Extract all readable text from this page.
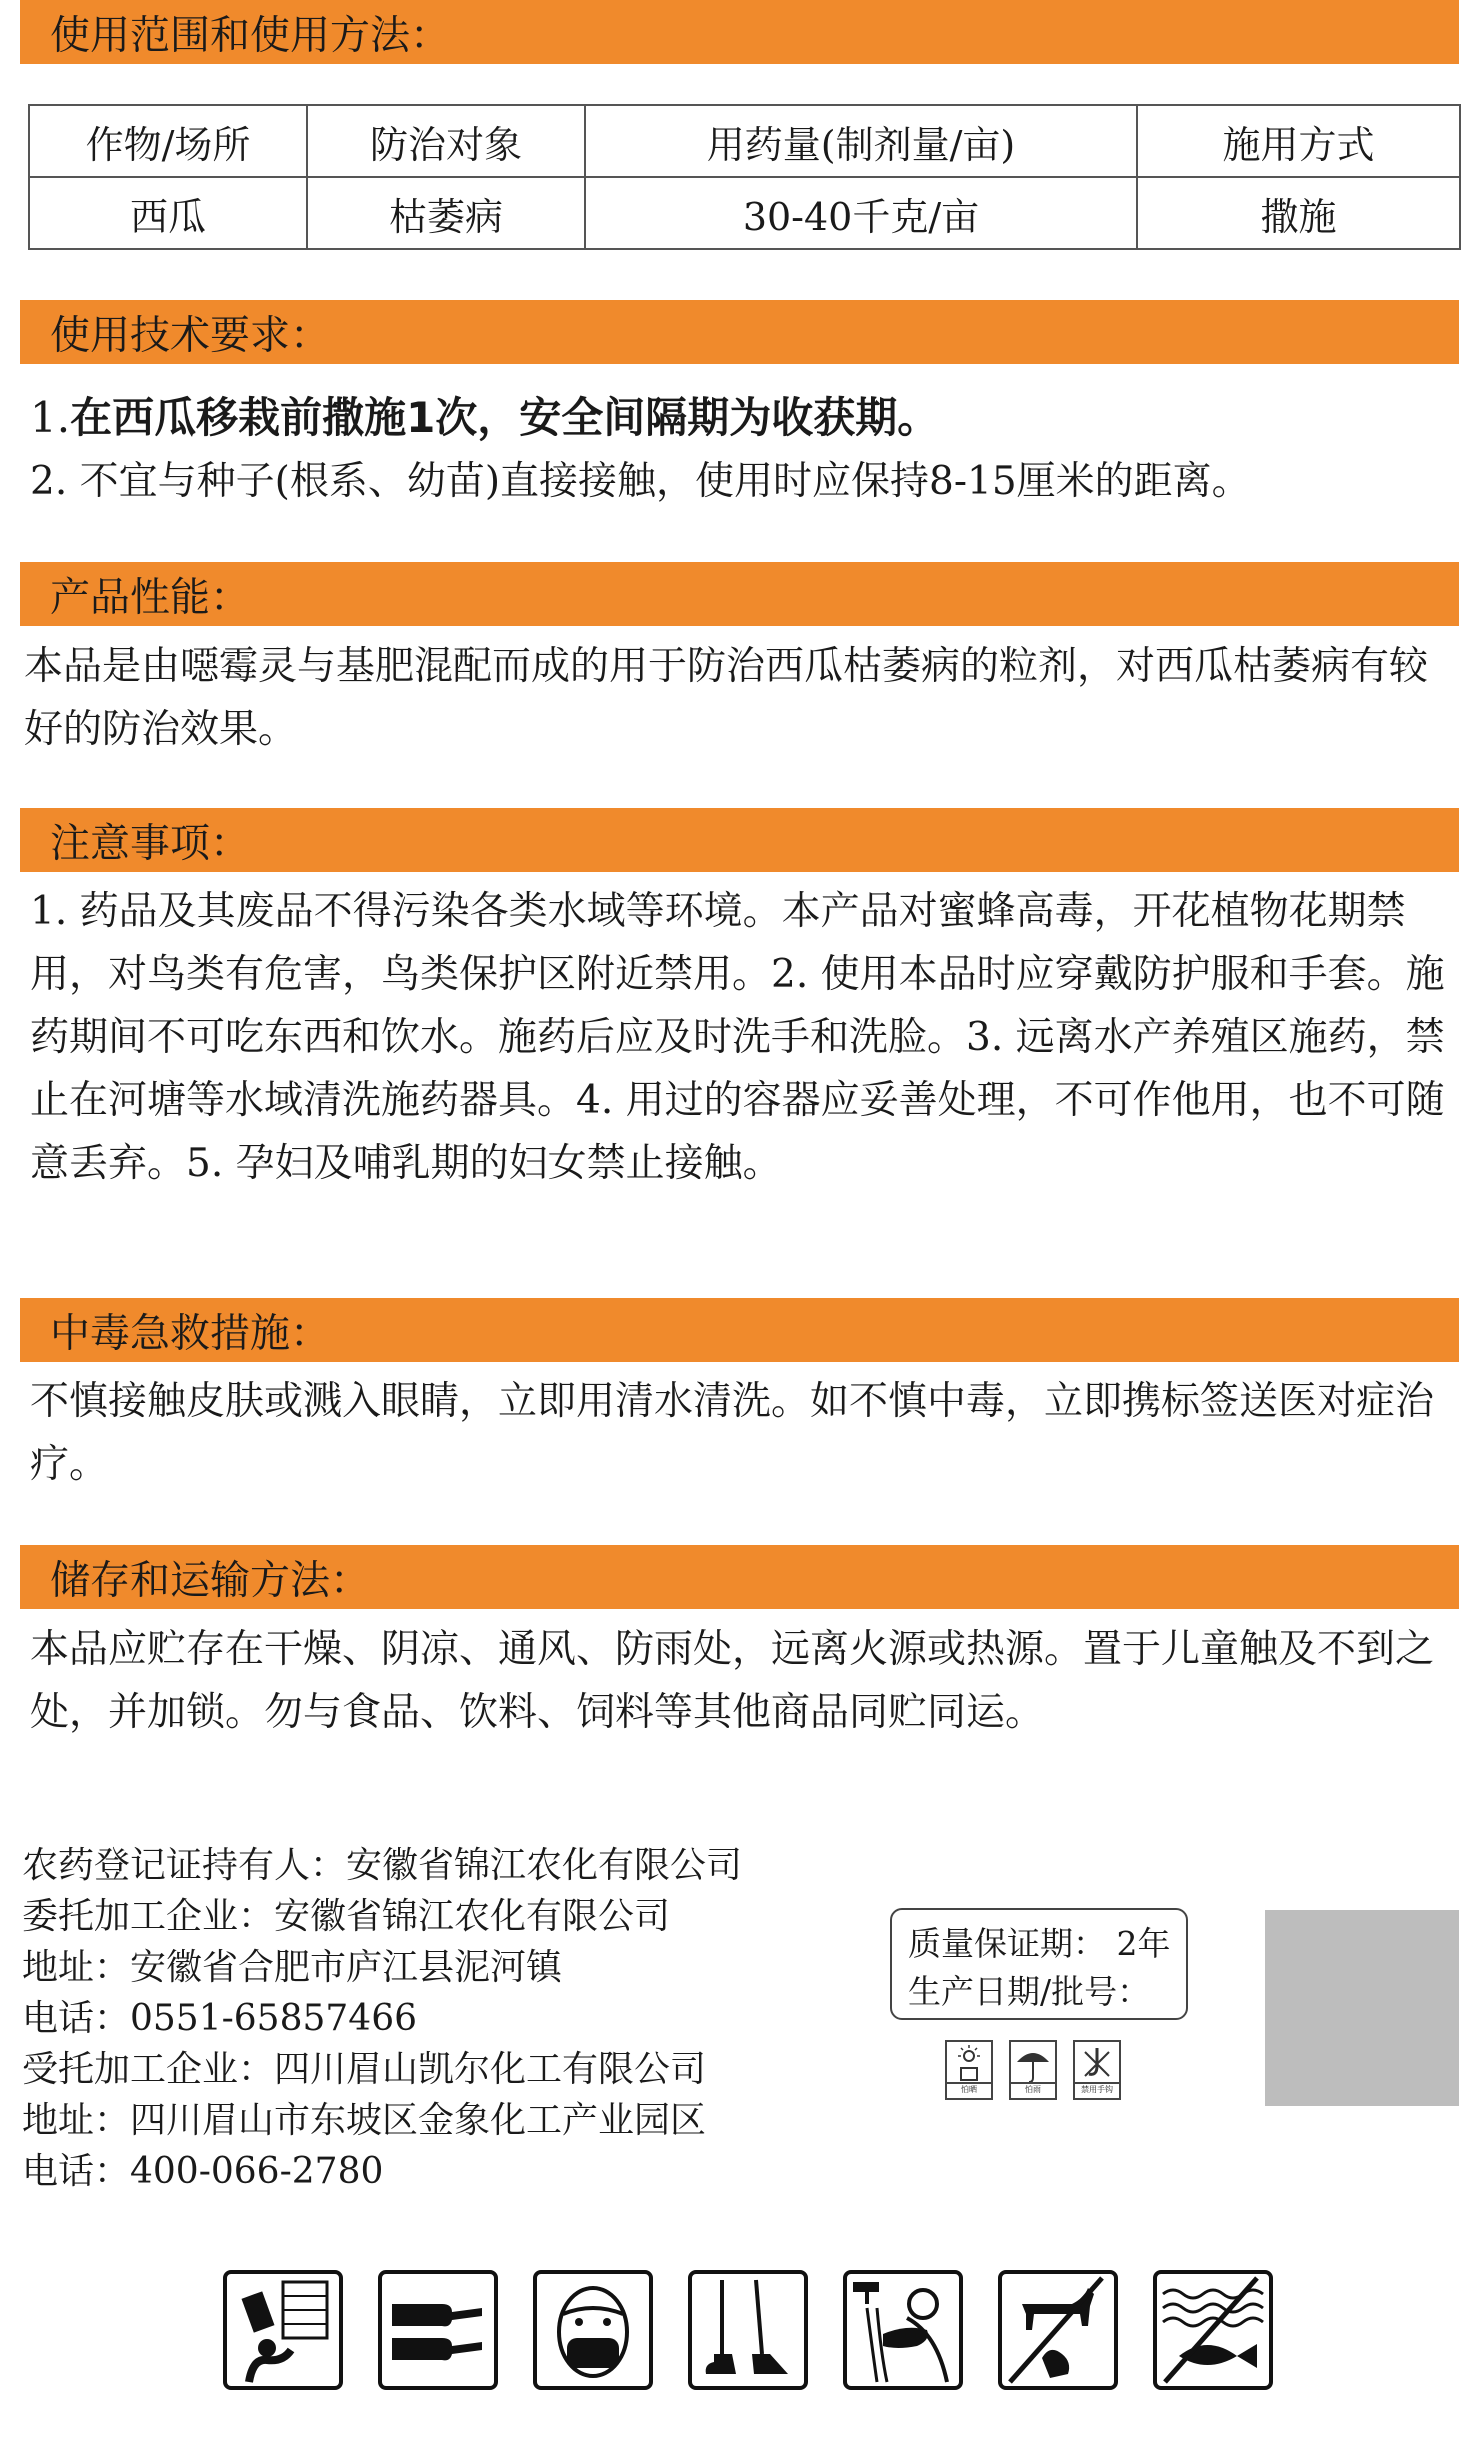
使用范围和使用方法：
作物/场所	防治对象	用药量(制剂量/亩)	施用方式
西瓜	枯萎病	30-40千克/亩	撒施
使用技术要求：
1.在西瓜移栽前撒施1次，安全间隔期为收获期。
2. 不宜与种子(根系、幼苗)直接接触，使用时应保持8-15厘米的距离。
产品性能：

本品是由噁霉灵与基肥混配而成的用于防治西瓜枯萎病的粒剂，对西瓜枯萎病有较好的防治效果。

注意事项：

1. 药品及其废品不得污染各类水域等环境。本产品对蜜蜂高毒，开花植物花期禁用，对鸟类有危害，鸟类保护区附近禁用。2. 使用本品时应穿戴防护服和手套。施药期间不可吃东西和饮水。施药后应及时洗手和洗脸。3. 远离水产养殖区施药，禁止在河塘等水域清洗施药器具。4. 用过的容器应妥善处理，不可作他用，也不可随意丢弃。5. 孕妇及哺乳期的妇女禁止接触。

中毒急救措施：

不慎接触皮肤或溅入眼睛，立即用清水清洗。如不慎中毒，立即携标签送医对症治疗。

储存和运输方法：

本品应贮存在干燥、阴凉、通风、防雨处，远离火源或热源。置于儿童触及不到之处，并加锁。勿与食品、饮料、饲料等其他商品同贮同运。

农药登记证持有人：安徽省锦江农化有限公司
委托加工企业：安徽省锦江农化有限公司
地址：安徽省合肥市庐江县泥河镇
电话：0551-65857466
受托加工企业：四川眉山凯尔化工有限公司
地址：四川眉山市东坡区金象化工产业园区
电话：400-066-2780
质量保证期： 2年
生产日期/批号：
怕晒	怕雨	禁用手钩
